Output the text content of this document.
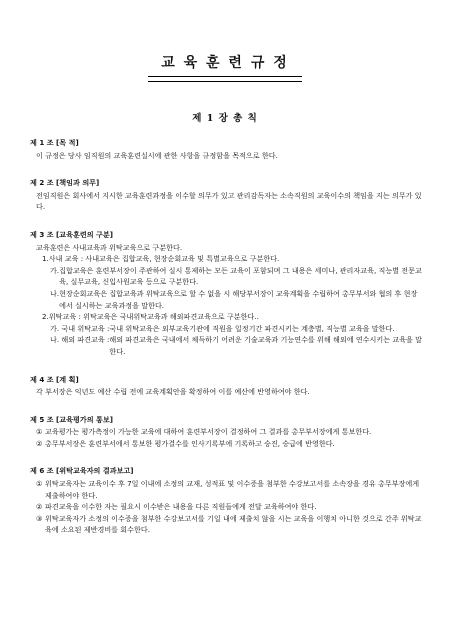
교 육 훈 련 규 정
제 1 장 총 칙
제 1 조 [목 적]
이 규정은 당사 임직원의 교육훈련실시에 관한 사항을 규정함을 목적으로 한다.
제 2 조 [책임과 의무]
전임직원은 회사에서 지시한 교육훈련과정을 이수할 의무가 있고 관리감독자는 소속직원의 교육이수의 책임을 지는 의무가 있다.
제 3 조 [교육훈련의 구분]
교육훈련은 사내교육과 위탁교육으로 구분한다.
1. 사내 교육 : 사내교육은 집합교육, 현장순회교육 및 특별교육으로 구분한다.
가. 집합교육은 훈련부서장이 주관하여 실시 통제하는 모든 교육이 포함되며 그 내용은 세미나, 관리자교육, 직능별 전문교육, 실무교육, 신입사원교육 등으로 구분한다.
나. 현장순회교육은 집합교육과 위탁교육으로 할 수 없을 시 해당부서장이 교육계획을 수립하여 총무부서와 협의 후 현장에서 실시하는 교육과정을 말한다.
2. 위탁교육 : 위탁교육은 국내위탁교육과 해외파견교육으로 구분한다..
가. 국내 위탁교육 : 국내 위탁교육은 외부교육기관에 직원을 일정기간 파견시키는 계층별, 직능별 교육을 말한다.
나. 해외 파견교육 : 해외 파견교육은 국내에서 체득하기 어려운 기술교육과 기능연수를 위해 해외에 연수시키는 교육을 말한다.
제 4 조 [계 획]
각 부서장은 익년도 예산 수립 전에 교육계획안을 확정하여 이를 예산에 반영하여야 한다.
제 5 조 [교육평가의 통보]
① 교육평가는 평가측정이 가능한 교육에 대하여 훈련부서장이 결정하여 그 결과를 총무부서장에게 통보한다.
② 총무부서장은 훈련부서에서 통보한 평가결수를 인사기록부에 기록하고 승진, 승급에 반영한다.
제 6 조 [위탁교육자의 결과보고]
① 위탁교육자는 교육이수 후 7일 이내에 소정의 교재, 성적표 및 이수증을 첨부한 수강보고서를 소속장을 경유 총무부장에게 제출하여야 한다.
② 파견교육을 이수한 자는 필요시 이수받은 내용을 다른 직원들에게 전달 교육하여야 한다.
③ 위탁교육자가 소정의 이수증을 첨부한 수강보고서를 기일 내에 제출치 않을 시는 교육을 이행치 아니한 것으로 간주 위탁교육에 소요된 제반경비를 회수한다.
